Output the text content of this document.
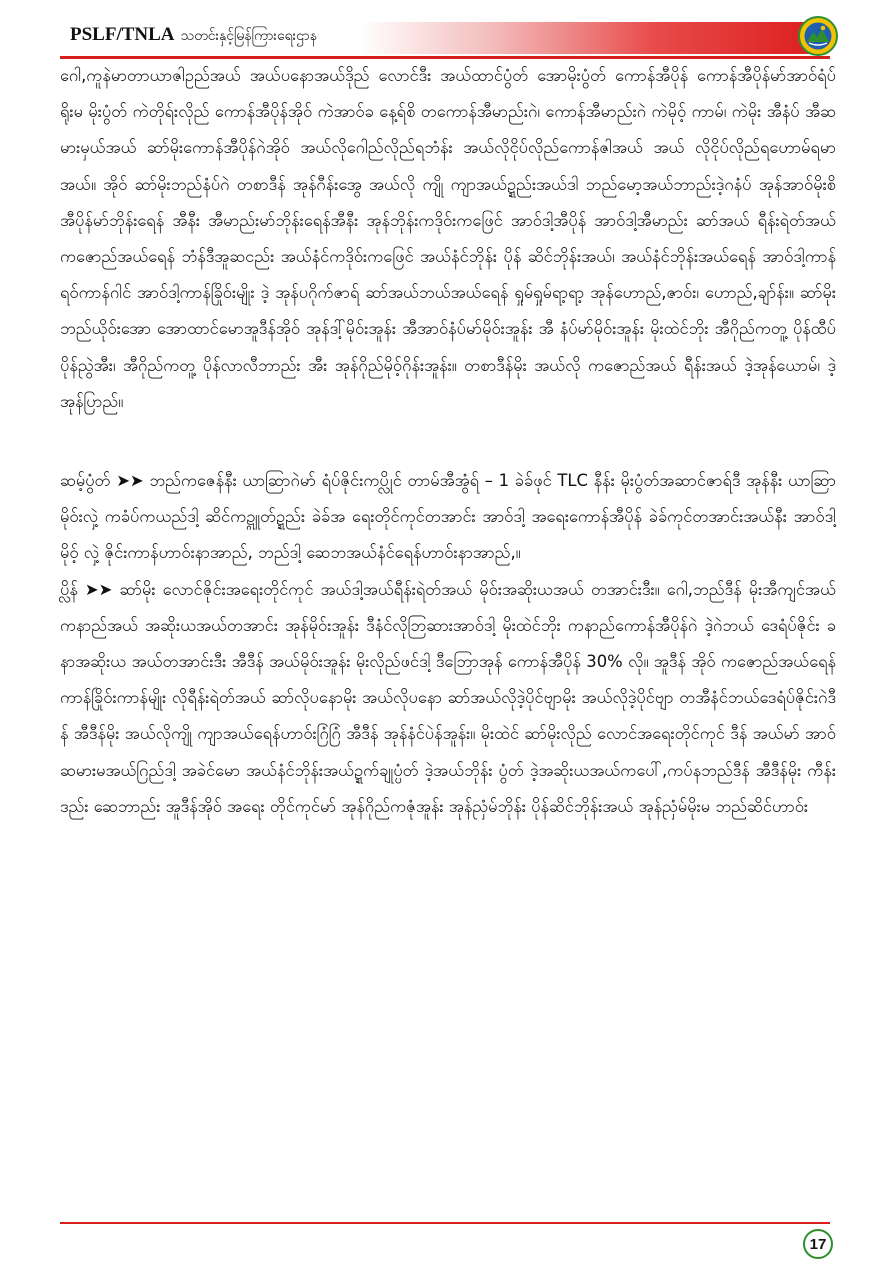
PSLF/TNLA သတင်းနှင့်မြန်ကြားရေးဌာန

ဂေါ,ကူနဲမာတာယာဇါဥည်အယ် အယ်ပနောအယ်ဒိုည် လောင်ဒီး အယ်ထာင်ပွံတ် အောမိုးပွံတ် ကောန်အီပိုန် ကောန်အီပိုန်မာ်အာဝ်ရံပ်ရိုးမ မိုးပွံတ် ကဲတိုရ်းလိုည် ကောန်အီပိုန်အိုဝ် ကဲအာဝ်ခ နေ့ရ်စိ တကောန်အီမာည်းဂဲ၊ ကောန်အီမာည်းဂဲ ကဲမိုဝ့် ကာမ်၊ ကဲမိုး အီနံပ် အီဆမားမှယ်အယ် ဆာ်မိုးကောန်အီပိုန်ဂဲအိုဝ် အယ်လိုဂေါည်လိုည်ရဘံန်း အယ်လိုငိုပ်လိုည်ကောန်ဇါအယ် အယ် လိုငိုပ်လိုည်ရဟောမ်ရမာအယ်။ အိုဝ် ဆာ်မိုးဘည်နံပ်ဂဲ တစာဒီန် အုန်ဂီန်းအွေ အယ်လို ကျို ကျာအယ်ဍ္ဍည်းအယ်ဒါ ဘည်မော့အယ်ဘာည်းဒဲ့ဂနံပ် အုန်အာဝ်မိုးစိ အီပိုန်မာ်ဘိုန်းရေန် အီနီး အီမာည်းမာ်ဘိုန်းရေန်အီနီး အုန်ဘိုန်းကဒိုဝ်းကဖြေင် အာဝ်ဒါ့အီပိုန် အာဝ်ဒါ့အီမာည်း ဆာ်အယ် ရီန်းရဲတ်အယ် ကဇောည်အယ်ရေန် ဘံန်ဒီအူဆငည်း အယ်နံင်ကဒိုဝ်းကဖြေင် အယ်နံင်ဘိုန်း ပိုန် ဆိင်ဘိုန်းအယ်၊ အယ်နံင်ဘိုန်းအယ်ရေန် အာဝ်ဒါ့ကာန်ရဝ်ကာန်ဂါင် အာဝ်ဒါ့ကာန်ခြိုဝ်းမျိုး ဒဲ့ အုန်ပဂိုက်ဇာရ် ဆာ်အယ်ဘယ်အယ်ရေန် ရှုမ်ရှုမ်ရာ့ရာ့ အုန်ဟောည်,ဇာဝ်း၊ ဟောည်,ချာ်န်း။ ဆာ်မိုးဘည်ယိုဝ်းအော အောထာင်မောအူဒီန်အိုဝ် အုန်ဒါ့်မိုဝ်းအူန်း အီအာဝ်နံပ်မာ်မိုဝ်းအူန်း အီ နံပ်မာ်မိုဝ်းအူန်း မိုးထဲင်ဘိုး အီဂိုည်ကတူ့ ပိုန်ထီပ်ပိုန်ညွဲအီး၊ အီဂိုည်ကတူ့ ပိုန်လာလီဘာည်း အီး အုန်ဂိုည်မိုဝ့်ဂိုန်းအူန်း။ တစာဒီန်မိုး အယ်လို ကဇောည်အယ် ရီန်းအယ် ဒဲ့အုန်ယောမ်၊ ဒဲ့ အုန်ပြာည်။

ဆမ့်ပွံတ် ➤➤ ဘည်ကဇေန်နီး ယာဆြာဂဲမာ် ရံပ်ဇိုင်းကပ္လိုင် တာမ်အီအွံရ် – 1 ခဲခ်ဖုင် TLC နီန်း မိုးပွံတ်အဆာင်ဇာရ်ဒီ အုန်နီး ယာဆြာမိုဝ်းလှဲ့ ကခံပ်ကယည်ဒါ့ ဆိင်ကဍ္ဂူတ်ဍ္ဍည်း ခဲခ်အ ရေးတိုင်ကုင်တအာင်း အာဝ်ဒါ့ အရေးကောန်အီပိုန် ခဲခ်ကုင်တအာင်းအယ်နီး အာဝ်ဒါ့ မိုဝ့် လှဲ့ ဇိုင်းကာန်ဟာဝ်းနာအာည်, ဘည်ဒါ့ ဆေဘအယ်နံင်ရေန်ဟာဝ်းနာအာည်,။

ပ္လိန် ➤➤ ဆာ်မိုး လောင်ဇိုင်းအရေးတိုင်ကုင် အယ်ဒါ့အယ်ရီန်းရဲတ်အယ် မိုဝ်းအဆိုးယအယ် တအာင်းဒီး။ ဂေါ,ဘည်ဒီန် မိုးအီကျင်အယ် ကနာည်အယ် အဆိုးယအယ်တအာင်း အုန်မိုဝ်းအူန်း ဒီနံင်လိုဘြဆားအာဝ်ဒါ့ မိုးထဲင်ဘိုး ကနာည်ကောန်အီပိုန်ဂဲ ဒဲ့ဂဲဘယ် ဒေရံပ်ဇိုင်း ခနာအဆိုးယ အယ်တအာင်းဒီး အီဒီန် အယ်မိုဝ်းအူန်း မိုးလိုည်ဖင်ဒါ့ ဒီဘြောအုန် ကောန်အီပိုန် 30% လို။ အူဒီန် အိုဝ် ကဇောည်အယ်ရေန် ကာန်ခြိုဝ်းကာန်မျိုး လိုရီန်းရဲတ်အယ် ဆာ်လိုပနောမိုး အယ်လိုပနော ဆာ်အယ်လိုဒဲ့ပိုင်ဗျာမိုး အယ်လိုဒဲ့ပိုင်ဗျာ တအီနံင်ဘယ်ဒေရံပ်ဇိုင်းဂဲဒီန် အီဒီန်မိုး အယ်လိုကျို ကျာအယ်ရေန်ဟာဝ်းဂြံဂြံ အီဒီန် အုန်နံင်ပဲန်အူန်း။ မိုးထဲင် ဆာ်မိုးလိုည် လောင်အရေးတိုင်ကုင် ဒီန် အယ်မာ် အာဝ်ဆမားမအယ်ဂြည်ဒါ့ အခဲင်မော အယ်နံင်ဘိုန်းအယ်ဍ္ဍက်ချုပ္ပံတ် ဒဲ့အယ်ဘိုန်း ပွံတ် ဒဲ့အဆိုးယအယ်ကပေါ်,ကပ်နဘည်ဒီန် အီဒီန်မိုး ကီန်းဒည်း ဆေဘာည်း အူဒီန်အိုဝ် အရေး တိုင်ကုင်မာ် အုန်ဂိုည်ကဇုံအူန်း အုန်ညှံမ်ဘိုန်း ပိုန်ဆိင်ဘိုန်းအယ် အုန်ညှံမ်မိုးမ ဘည်ဆိင်ဟာဝ်း

17
